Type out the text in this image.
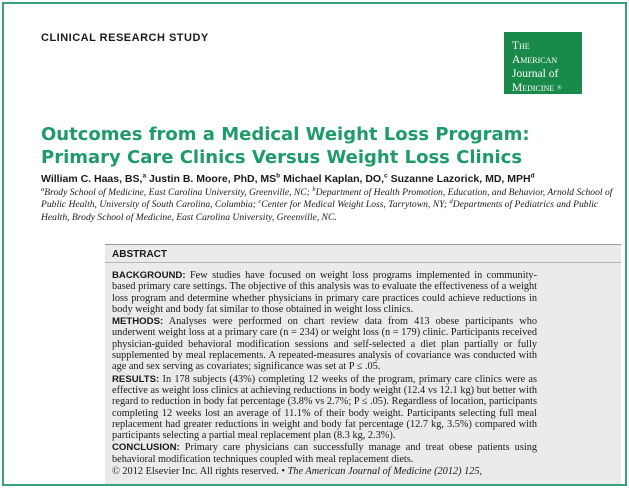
CLINICAL RESEARCH STUDY
The American
Journal of
Medicine ®
Outcomes from a Medical Weight Loss Program: Primary Care Clinics Versus Weight Loss Clinics
William C. Haas, BS,$^a$ Justin B. Moore, PhD, $MS^b$ Michael Kaplan, DO,$^c$ Suzanne Lazorick, MD, MPH$^d$
$^a$Brody School of Medicine, East Carolina University, Greenville, NC; $^b$Department of Health Promotion, Education, and Behavior, Arnold School of Public Health, University of South Carolina, Columbia; $^c$Center for Medical Weight Loss, Tarrytown, NY; $^d$Departments of Pediatrics and Public Health, Brody School of Medicine, East Carolina University, Greenville, NC.
ABSTRACT

BACKGROUND: Few studies have focused on weight loss programs implemented in community-based primary care settings. The objective of this analysis was to evaluate the effectiveness of a weight loss program and determine whether physicians in primary care practices could achieve reductions in body weight and body fat similar to those obtained in weight loss clinics.

METHODS: Analyses were performed on chart review data from 413 obese participants who underwent weight loss at a primary care (n = 234) or weight loss (n = 179) clinic. Participants received physician-guided behavioral modification sessions and self-selected a diet plan partially or fully supplemented by meal replacements. A repeated-measures analysis of covariance was conducted with age and sex serving as covariates; significance was set at P ≤ .05.

RESULTS: In 178 subjects (43%) completing 12 weeks of the program, primary care clinics were as effective as weight loss clinics at achieving reductions in body weight (12.4 vs 12.1 kg) but better with regard to reduction in body fat percentage (3.8% vs 2.7%; P ≤ .05). Regardless of location, participants completing 12 weeks lost an average of 11.1% of their body weight. Participants selecting full meal replacement had greater reductions in weight and body fat percentage (12.7 kg, 3.5%) compared with participants selecting a partial meal replacement plan (8.3 kg, 2.3%).

CONCLUSION: Primary care physicians can successfully manage and treat obese patients using behavioral modification techniques coupled with meal replacement diets.

© 2012 Elsevier Inc. All rights reserved. • The American Journal of Medicine (2012) 125,
